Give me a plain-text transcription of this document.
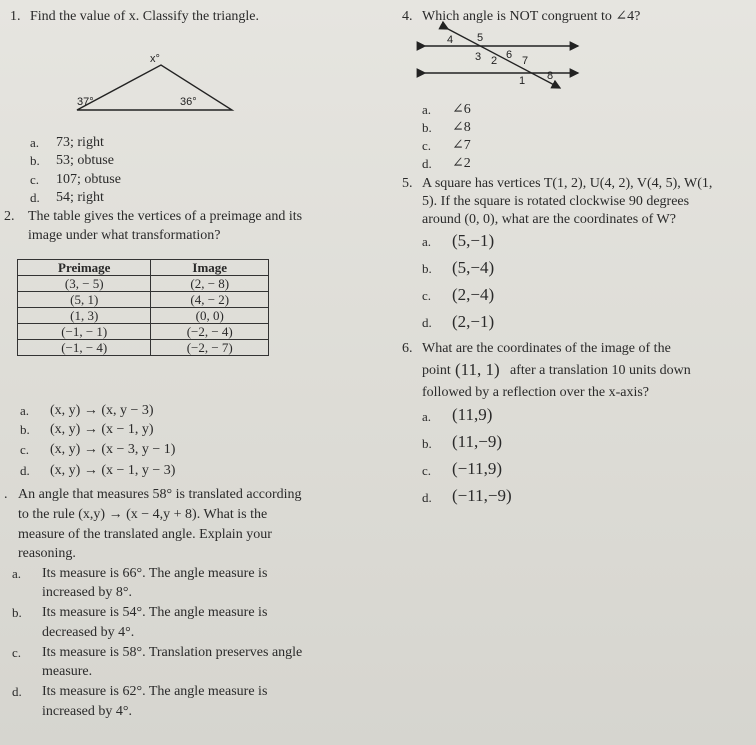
1. Find the value of x. Classify the triangle.
x°
37°	36°
a. 73; right
b. 53; obtuse
c. 107; obtuse
d. 54; right
2. The table gives the vertices of a preimage and its
image under what transformation?
Preimage	Image
(3, − 5)	(2, − 8)
(5, 1)	(4, − 2)
(1, 3)	(0, 0)
(−1, − 1)	(−2, − 4)
(−1, − 4)	(−2, − 7)
a. (x, y) → (x, y − 3)
b. (x, y) → (x − 1, y)
c. (x, y) → (x − 3, y − 1)
d. (x, y) → (x − 1, y − 3)
. An angle that measures 58° is translated according
to the rule (x,y) → (x − 4,y + 8). What is the
measure of the translated angle. Explain your
reasoning.
a. Its measure is 66°. The angle measure is
increased by 8°.
b. Its measure is 54°. The angle measure is
decreased by 4°.
c. Its measure is 58°. Translation preserves angle
measure.
d. Its measure is 62°. The angle measure is
increased by 4°.
4. Which angle is NOT congruent to ∠4?
4 5
3 2 6 7
1 8
a. ∠6
b. ∠8
c. ∠7
d. ∠2
5. A square has vertices T(1, 2), U(4, 2), V(4, 5), W(1,
5). If the square is rotated clockwise 90 degrees
around (0, 0), what are the coordinates of W?
a. (5,−1)
b. (5,−4)
c. (2,−4)
d. (2,−1)
6. What are the coordinates of the image of the
point (11, 1) after a translation 10 units down
followed by a reflection over the x-axis?
a. (11,9)
b. (11,−9)
c. (−11,9)
d. (−11,−9)
